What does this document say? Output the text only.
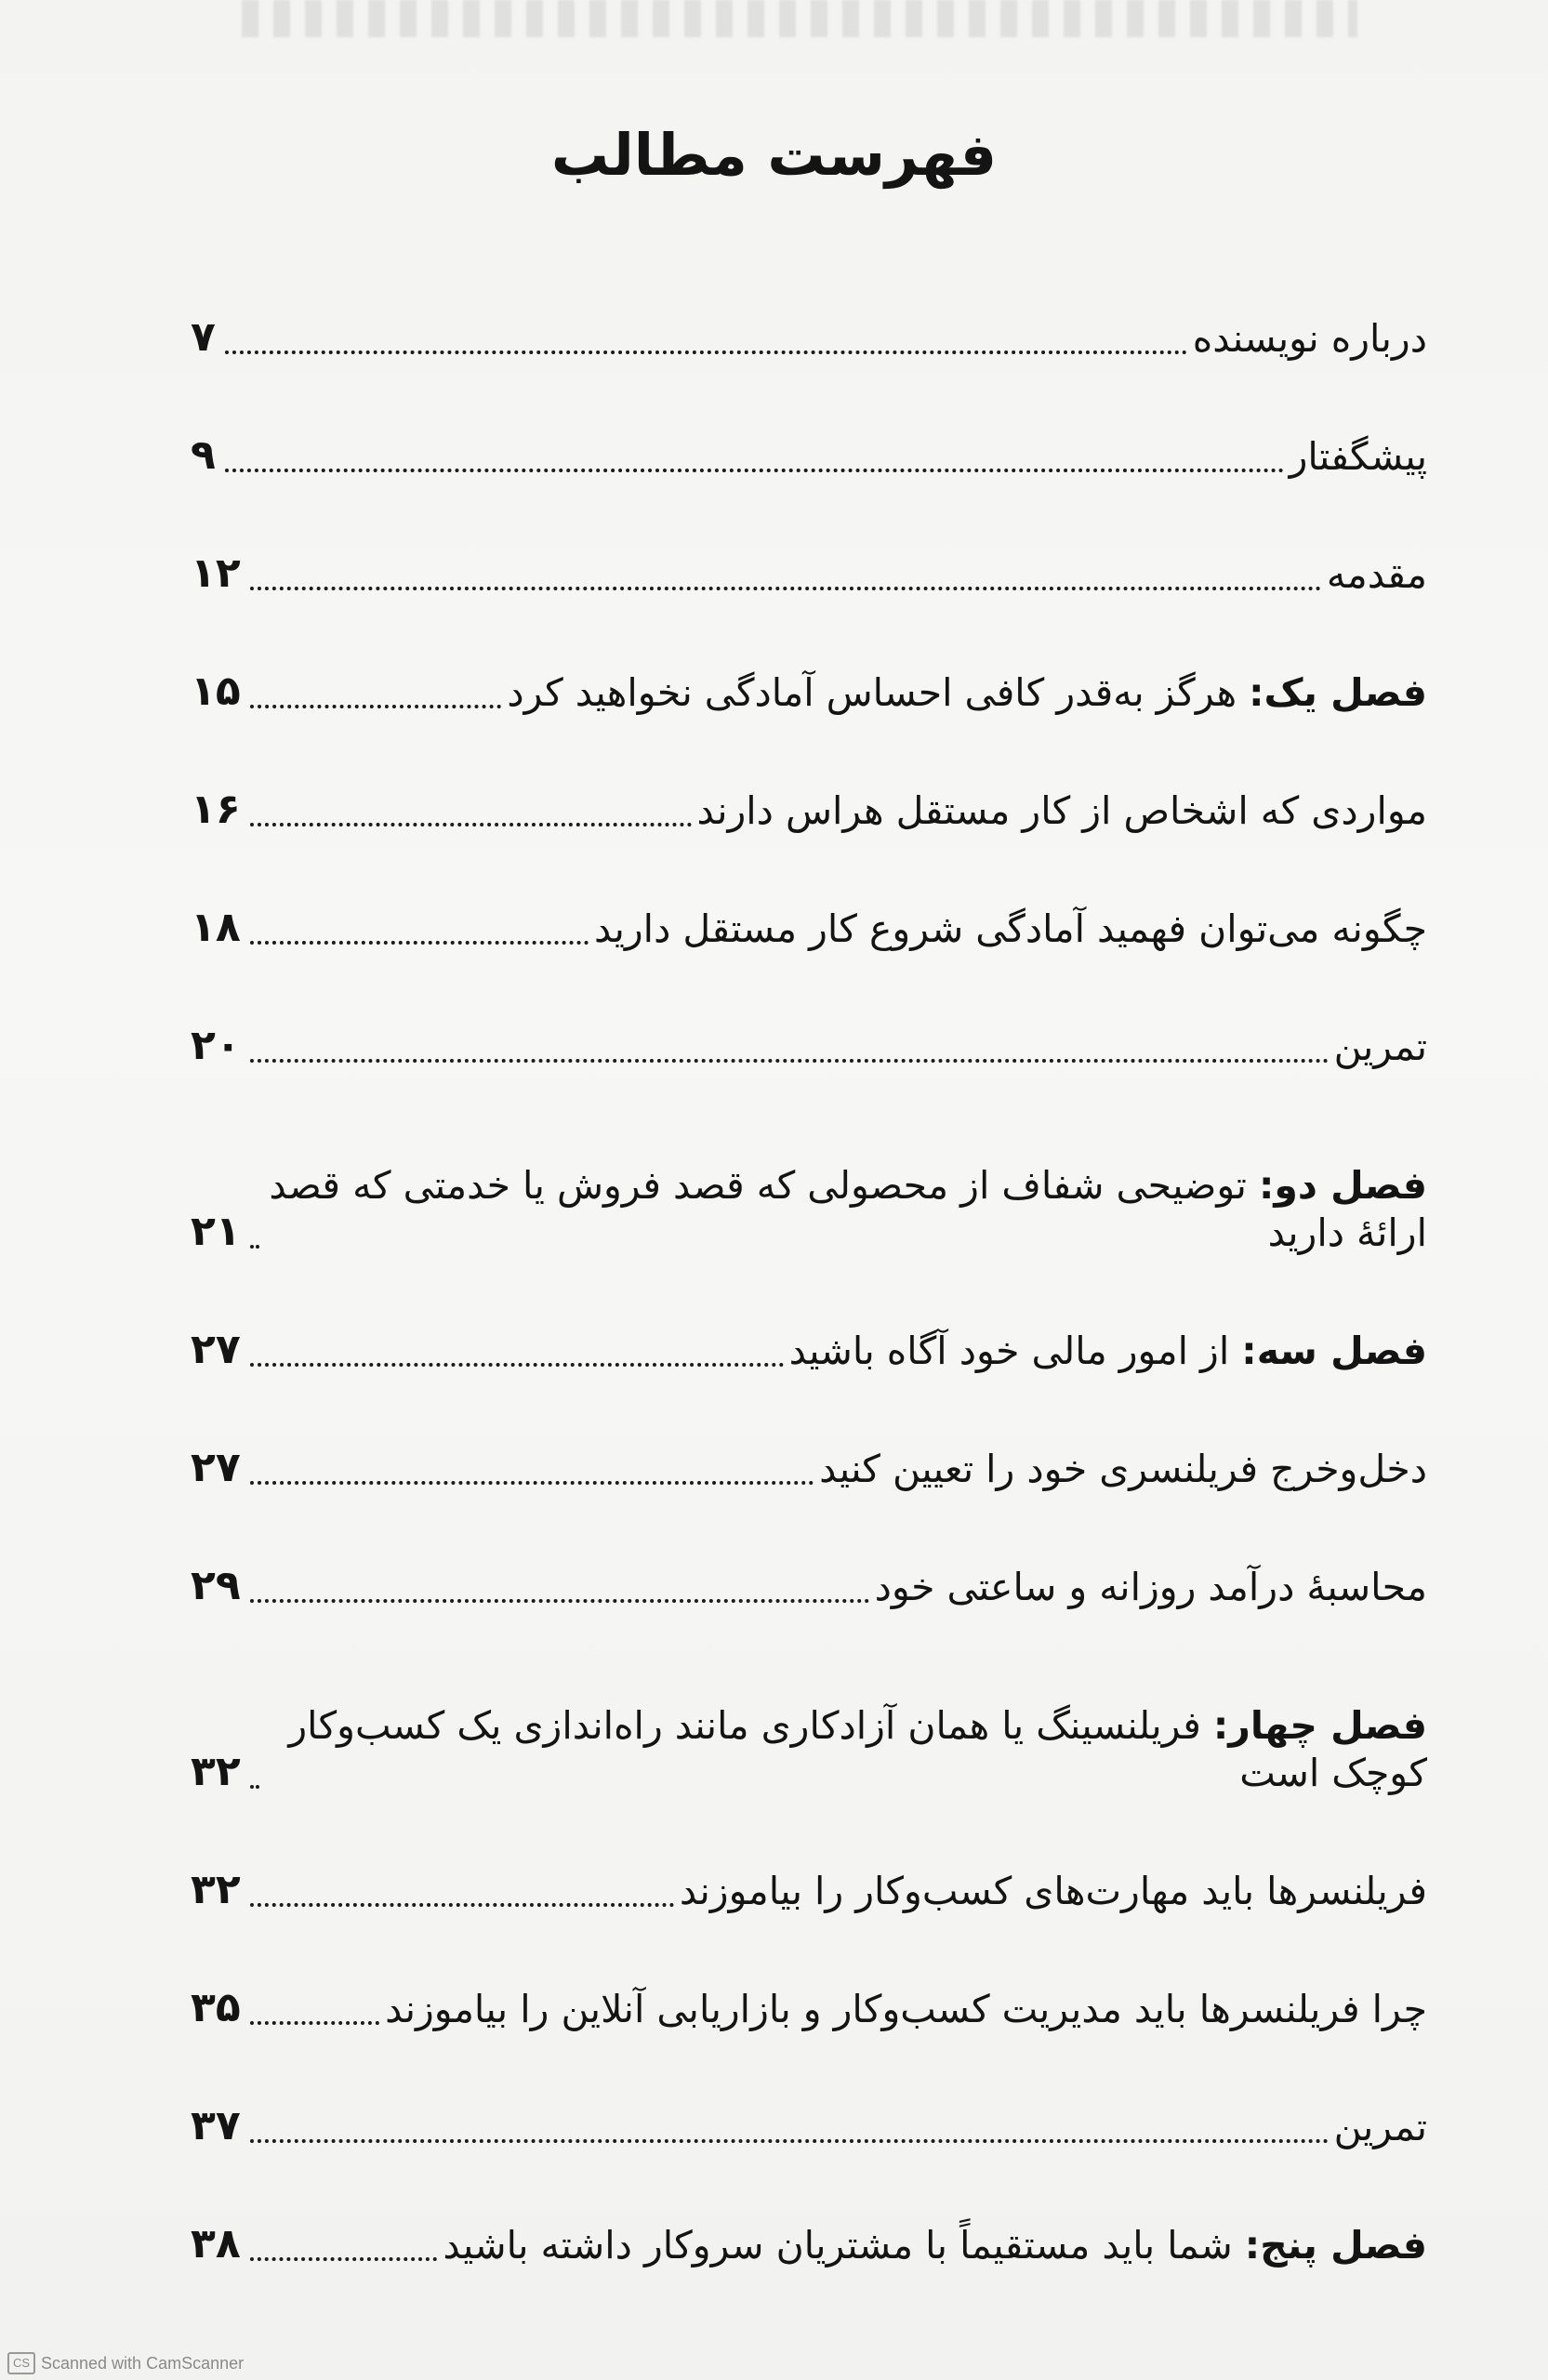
فهرست مطالب
درباره نویسنده
۷
پیشگفتار
۹
مقدمه
۱۲
فصل یک: هرگز به‌قدر کافی احساس آمادگی نخواهید کرد
۱۵
مواردی که اشخاص از کار مستقل هراس دارند
۱۶
چگونه می‌توان فهمید آمادگی شروع کار مستقل دارید
۱۸
تمرین
۲۰
فصل دو: توضیحی شفاف از محصولی که قصد فروش یا خدمتی که قصد ارائهٔ دارید
۲۱
فصل سه: از امور مالی خود آگاه باشید
۲۷
دخل‌وخرج فریلنسری خود را تعیین کنید
۲۷
محاسبهٔ درآمد روزانه و ساعتی خود
۲۹
فصل چهار: فریلنسینگ یا همان آزادکاری مانند راه‌اندازی یک کسب‌وکار کوچک است
۳۲
فریلنسرها باید مهارت‌های کسب‌وکار را بیاموزند
۳۲
چرا فریلنسرها باید مدیریت کسب‌وکار و بازاریابی آنلاین را بیاموزند
۳۵
تمرین
۳۷
فصل پنج: شما باید مستقیماً با مشتریان سروکار داشته باشید
۳۸
CS Scanned with CamScanner
